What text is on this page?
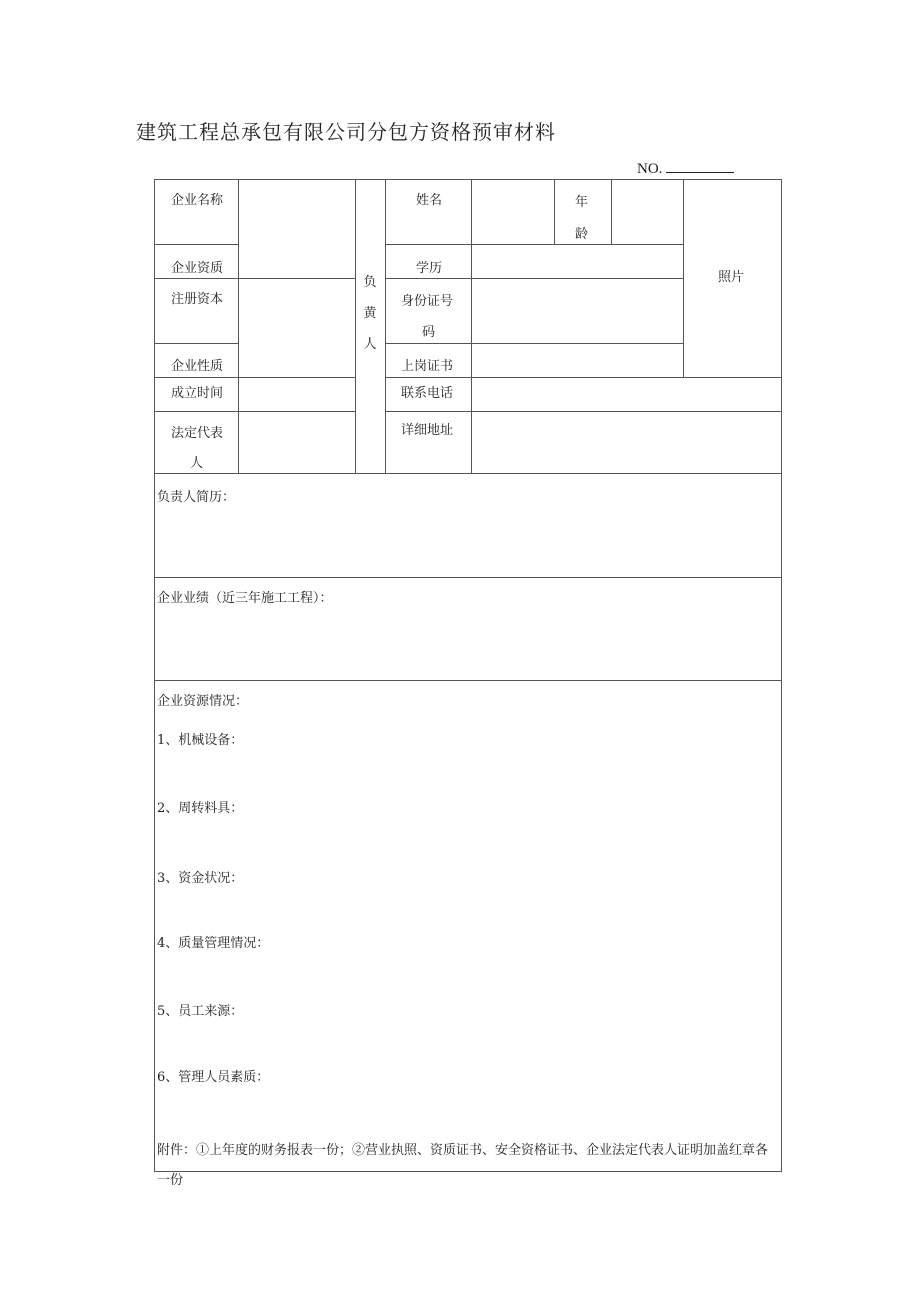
建筑工程总承包有限公司分包方资格预审材料
NO.
企业名称
企业资质
注册资本
企业性质
成立时间
法定代表
人
负
黄
人
姓名	年
龄
学历
身份证号
码
上岗证书
联系电话
详细地址
照片
负责人简历：
企业业绩（近三年施工工程）：
企业资源情况：
1、机械设备：
2、周转料具：
3、资金状况：
4、质量管理情况：
5、员工来源：
6、管理人员素质：
附件：①上年度的财务报表一份；②营业执照、资质证书、安全资格证书、企业法定代表人证明加盖红章各一份
